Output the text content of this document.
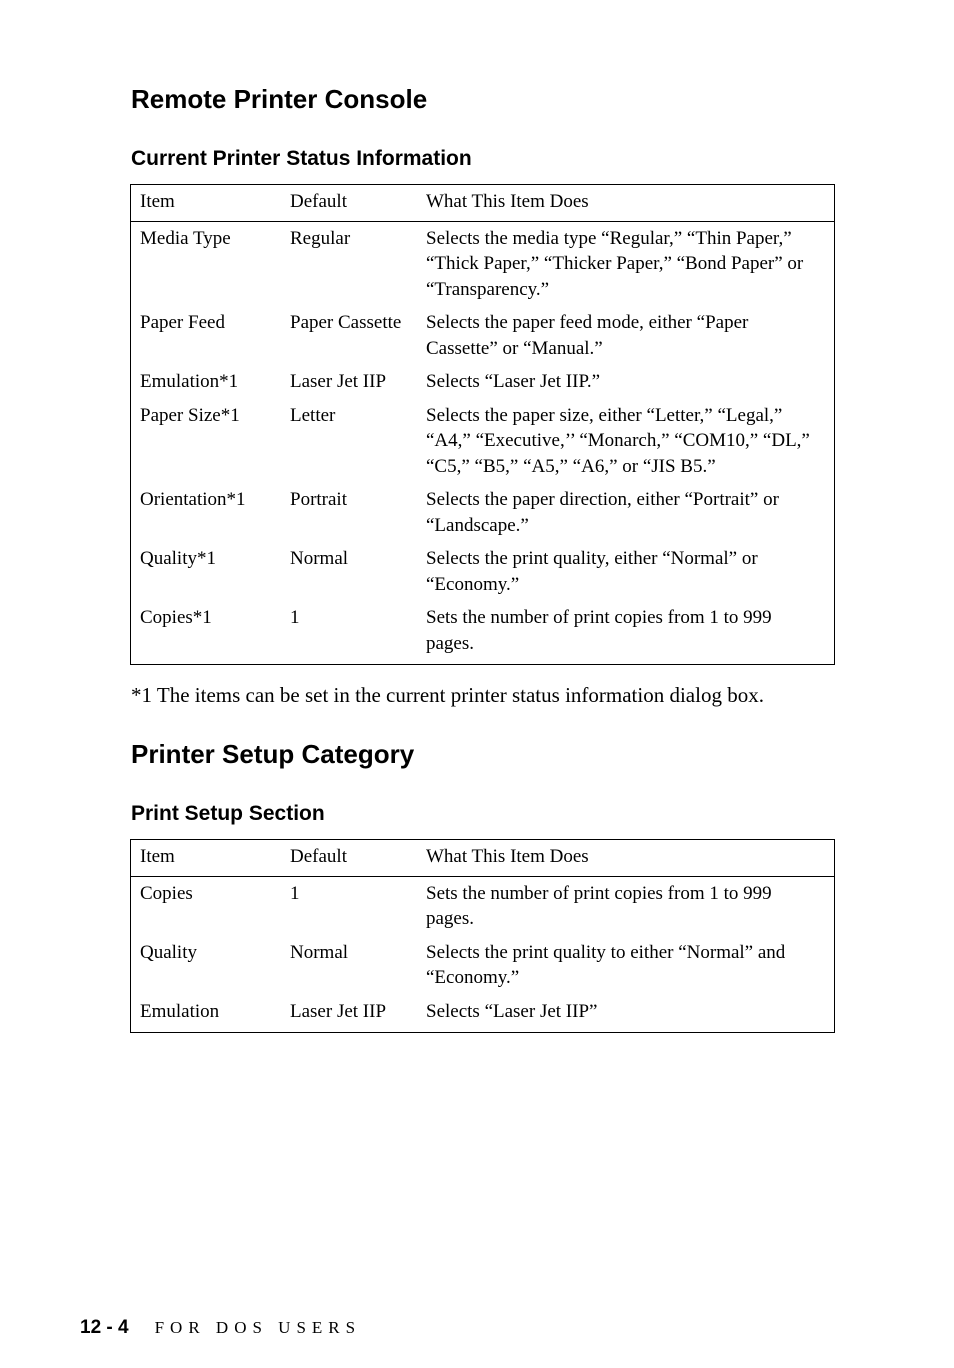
Remote Printer Console
Current Printer Status Information
Item	Default	What This Item Does
Media Type	Regular	Selects the media type “Regular,” “Thin Paper,” “Thick Paper,” “Thicker Paper,” “Bond Paper” or “Transparency.”
Paper Feed	Paper Cassette	Selects the paper feed mode, either “Paper Cassette” or “Manual.”
Emulation*1	Laser Jet IIP	Selects “Laser Jet IIP.”
Paper Size*1	Letter	Selects the paper size, either “Letter,” “Legal,” “A4,” “Executive,’’ “Monarch,” “COM10,” “DL,” “C5,” “B5,” “A5,” “A6,” or “JIS B5.”
Orientation*1	Portrait	Selects the paper direction, either “Portrait” or “Landscape.”
Quality*1	Normal	Selects the print quality, either “Normal” or “Economy.”
Copies*1	1	Sets the number of print copies from 1 to 999 pages.

*1 The items can be set in the current printer status information dialog box.

Printer Setup Category
Print Setup Section
Item	Default	What This Item Does
Copies	1	Sets the number of print copies from 1 to 999 pages.
Quality	Normal	Selects the print quality to either “Normal” and “Economy.”
Emulation	Laser Jet IIP	Selects “Laser Jet IIP”
12 - 4 FOR DOS USERS
